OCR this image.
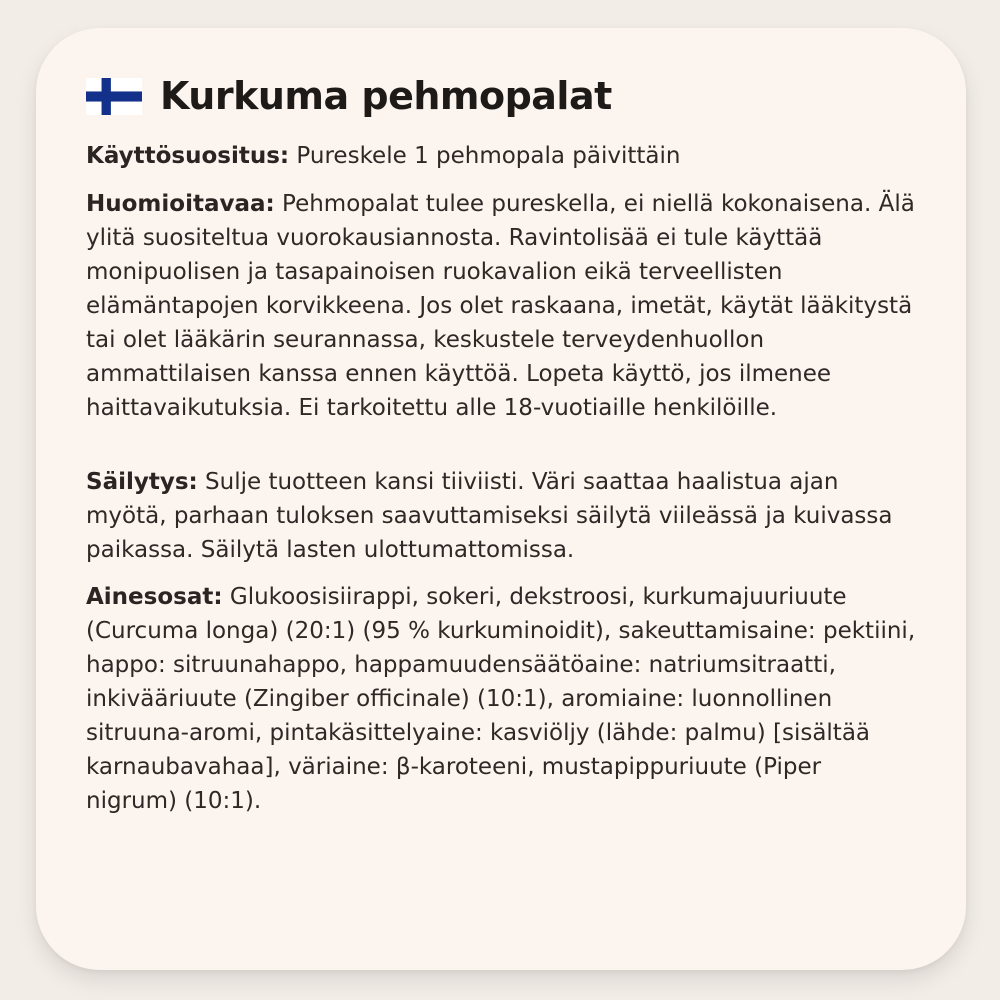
Kurkuma pehmopalat
Käyttösuositus: Pureskele 1 pehmopala päivittäin
Huomioitavaa: Pehmopalat tulee pureskella, ei niellä kokonaisena. Älä ylitä suositeltua vuorokausiannosta. Ravintolisää ei tule käyttää monipuolisen ja tasapainoisen ruokavalion eikä terveellisten elämäntapojen korvikkeena. Jos olet raskaana, imetät, käytät lääkitystä tai olet lääkärin seurannassa, keskustele terveydenhuollon ammattilaisen kanssa ennen käyttöä. Lopeta käyttö, jos ilmenee haittavaikutuksia. Ei tarkoitettu alle 18-vuotiaille henkilöille.
Säilytys: Sulje tuotteen kansi tiiviisti. Väri saattaa haalistua ajan myötä, parhaan tuloksen saavuttamiseksi säilytä viileässä ja kuivassa paikassa. Säilytä lasten ulottumattomissa.
Ainesosat: Glukoosisiirappi, sokeri, dekstroosi, kurkumajuuriuute (Curcuma longa) (20:1) (95 % kurkuminoidit), sakeuttamisaine: pektiini, happo: sitruunahappo, happamuudensäätöaine: natriumsitraatti, inkivääriuute (Zingiber officinale) (10:1), aromiaine: luonnollinen sitruuna-aromi, pintakäsittelyaine: kasviöljy (lähde: palmu) [sisältää karnaubavahaa], väriaine: β-karoteeni, mustapippuriuute (Piper nigrum) (10:1).
